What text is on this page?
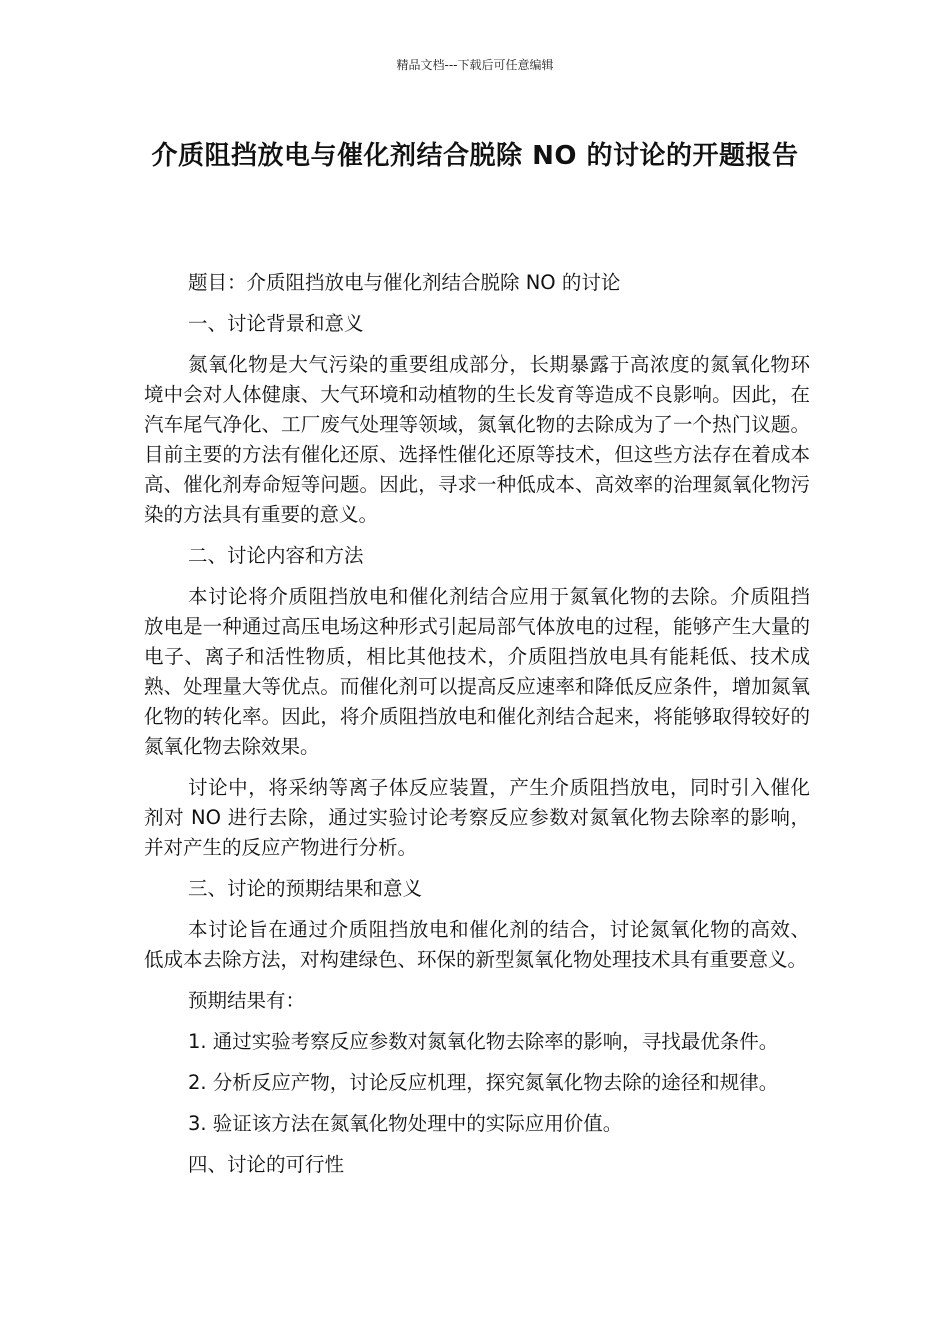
精品文档---下载后可任意编辑
介质阻挡放电与催化剂结合脱除 NO 的讨论的开题报告

题目：介质阻挡放电与催化剂结合脱除 NO 的讨论

一、讨论背景和意义

氮氧化物是大气污染的重要组成部分，长期暴露于高浓度的氮氧化物环境中会对人体健康、大气环境和动植物的生长发育等造成不良影响。因此，在汽车尾气净化、工厂废气处理等领域，氮氧化物的去除成为了一个热门议题。目前主要的方法有催化还原、选择性催化还原等技术，但这些方法存在着成本高、催化剂寿命短等问题。因此，寻求一种低成本、高效率的治理氮氧化物污染的方法具有重要的意义。

二、讨论内容和方法

本讨论将介质阻挡放电和催化剂结合应用于氮氧化物的去除。介质阻挡放电是一种通过高压电场这种形式引起局部气体放电的过程，能够产生大量的电子、离子和活性物质，相比其他技术，介质阻挡放电具有能耗低、技术成熟、处理量大等优点。而催化剂可以提高反应速率和降低反应条件，增加氮氧化物的转化率。因此，将介质阻挡放电和催化剂结合起来，将能够取得较好的氮氧化物去除效果。

讨论中，将采纳等离子体反应装置，产生介质阻挡放电，同时引入催化剂对 NO 进行去除，通过实验讨论考察反应参数对氮氧化物去除率的影响，并对产生的反应产物进行分析。

三、讨论的预期结果和意义

本讨论旨在通过介质阻挡放电和催化剂的结合，讨论氮氧化物的高效、低成本去除方法，对构建绿色、环保的新型氮氧化物处理技术具有重要意义。

预期结果有：

1. 通过实验考察反应参数对氮氧化物去除率的影响，寻找最优条件。

2. 分析反应产物，讨论反应机理，探究氮氧化物去除的途径和规律。

3. 验证该方法在氮氧化物处理中的实际应用价值。

四、讨论的可行性
